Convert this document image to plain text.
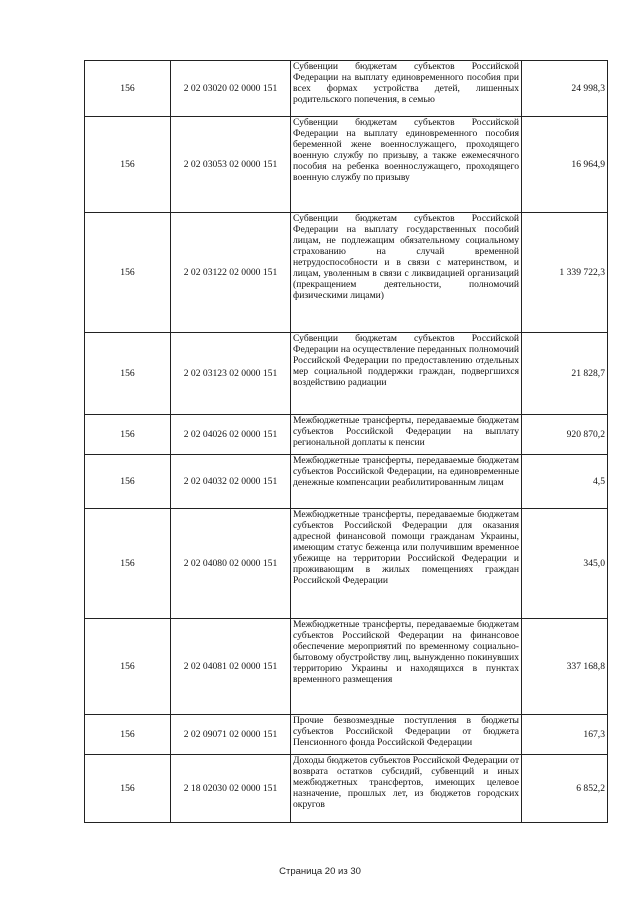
156	2 02 03020 02 0000 151	Субвенции бюджетам субъектов Российской Федерации на выплату единовременного пособия при всех формах устройства детей, лишенных родительского попечения, в семью	24 998,3
156	2 02 03053 02 0000 151	Субвенции бюджетам субъектов Российской Федерации на выплату единовременного пособия беременной жене военнослужащего, проходящего военную службу по призыву, а также ежемесячного пособия на ребенка военнослужащего, проходящего военную службу по призыву	16 964,9
156	2 02 03122 02 0000 151	Субвенции бюджетам субъектов Российской Федерации на выплату государственных пособий лицам, не подлежащим обязательному социальному страхованию на случай временной нетрудоспособности и в связи с материнством, и лицам, уволенным в связи с ликвидацией организаций (прекращением деятельности, полномочий физическими лицами)	1 339 722,3
156	2 02 03123 02 0000 151	Субвенции бюджетам субъектов Российской Федерации на осуществление переданных полномочий Российской Федерации по предоставлению отдельных мер социальной поддержки граждан, подвергшихся воздействию радиации	21 828,7
156	2 02 04026 02 0000 151	Межбюджетные трансферты, передаваемые бюджетам субъектов Российской Федерации на выплату региональной доплаты к пенсии	920 870,2
156	2 02 04032 02 0000 151	Межбюджетные трансферты, передаваемые бюджетам субъектов Российской Федерации, на единовременные денежные компенсации реабилитированным лицам	4,5
156	2 02 04080 02 0000 151	Межбюджетные трансферты, передаваемые бюджетам субъектов Российской Федерации для оказания адресной финансовой помощи гражданам Украины, имеющим статус беженца или получившим временное убежище на территории Российской Федерации и проживающим в жилых помещениях граждан Российской Федерации	345,0
156	2 02 04081 02 0000 151	Межбюджетные трансферты, передаваемые бюджетам субъектов Российской Федерации на финансовое обеспечение мероприятий по временному социально-бытовому обустройству лиц, вынужденно покинувших территорию Украины и находящихся в пунктах временного размещения	337 168,8
156	2 02 09071 02 0000 151	Прочие безвозмездные поступления в бюджеты субъектов Российской Федерации от бюджета Пенсионного фонда Российской Федерации	167,3
156	2 18 02030 02 0000 151	Доходы бюджетов субъектов Российской Федерации от возврата остатков субсидий, субвенций и иных межбюджетных трансфертов, имеющих целевое назначение, прошлых лет, из бюджетов городских округов	6 852,2
Страница 20 из 30
